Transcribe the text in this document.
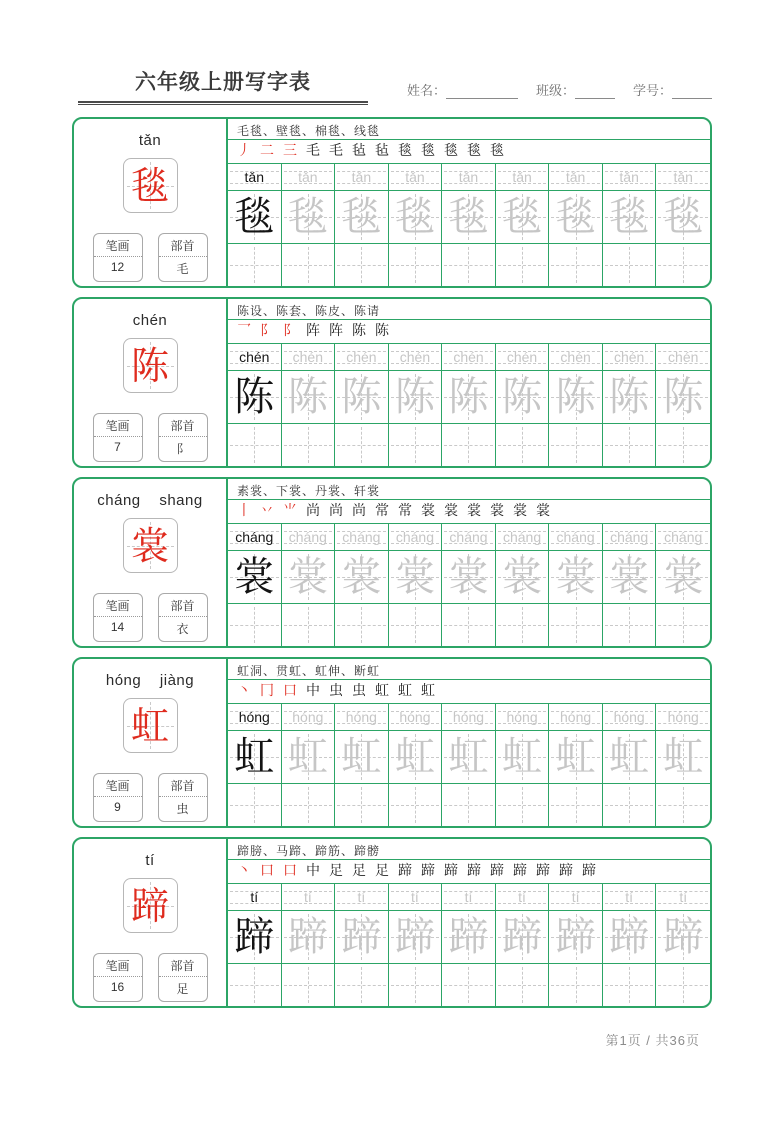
六年级上册写字表	姓名：	班级：	学号：
tǎn
毯
笔画
12
部首
毛
毛毯、壁毯、棉毯、线毯
丿 二 三 毛 毛 毡 毡 毯 毯 毯 毯 毯
tǎn tǎn tǎn tǎn tǎn tǎn tǎn tǎn tǎn
毯 毯 毯 毯 毯 毯 毯 毯 毯
chén
陈
笔画
7
部首
阝
陈设、陈套、陈皮、陈请
乛 阝 阝 阵 阵 陈 陈
chén chén chén chén chén chén chén chén chén
陈 陈 陈 陈 陈 陈 陈 陈 陈
cháng    shang
裳
笔画
14
部首
衣
素裳、下裳、丹裳、轩裳
丨 丷 ⺌ 尚 尚 尚 常 常 裳 裳 裳 裳 裳 裳
cháng cháng cháng cháng cháng cháng cháng cháng cháng
裳 裳 裳 裳 裳 裳 裳 裳 裳
hóng    jiàng
虹
笔画
9
部首
虫
虹洞、贯虹、虹伸、断虹
丶 冂 口 中 虫 虫 虹 虹 虹
hóng hóng hóng hóng hóng hóng hóng hóng hóng
虹 虹 虹 虹 虹 虹 虹 虹 虹
tí
蹄
笔画
16
部首
足
蹄膀、马蹄、蹄筋、蹄髈
丶 口 口 中 足 足 足 蹄 蹄 蹄 蹄 蹄 蹄 蹄 蹄 蹄
tí	tí	tí	tí	tí	tí	tí	tí	tí
蹄 蹄 蹄 蹄 蹄 蹄 蹄 蹄 蹄
第1页 / 共36页
